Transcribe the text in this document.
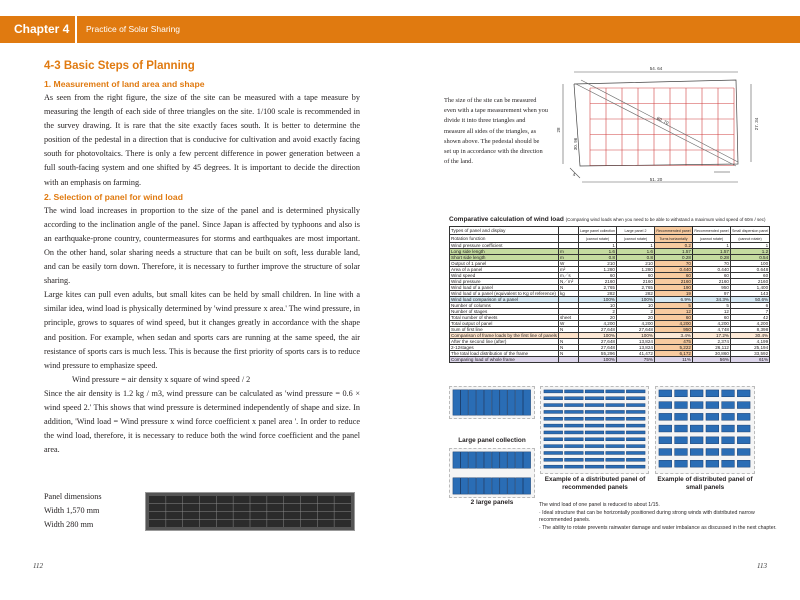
Chapter 4	Practice of Solar Sharing
4-3 Basic Steps of Planning
1. Measurement of land area and shape

As seen from the right figure, the size of the site can be measured with a tape measure by measuring the length of each side of three triangles on the site. 1/100 scale is recommended in the survey drawing. It is rare that the site exactly faces south. It is better to determine the position of the pedestal in a direction that is conducive for cultivation and avoid exactly facing south for photovoltaics. There is only a few percent difference in power generation between a full south-facing system and one shifted by 45 degrees. It is important to decide the direction with an emphasis on farming.

2. Selection of panel for wind load

The wind load increases in proportion to the size of the panel and is determined physically according to the inclination angle of the panel. Since Japan is affected by typhoons and also is an earthquake-prone country, countermeasures for storms and earthquakes are most important. On the other hand, solar sharing needs a structure that can be built on soft, less durable land, and can be easily torn down. Therefore, it is necessary to further improve the structure of solar sharing.

Large kites can pull even adults, but small kites can be held by small children. In line with a similar idea, wind load is physically determined by 'wind pressure x area.' The wind pressure, in principle, grows to squares of wind speed, but it changes greatly in accordance with the shape and position. For example, when sedan and sports cars are running at the same speed, the air resistance of sports cars is much less. This is because the first priority of sports cars is to reduce wind pressure to emphasize speed.

Wind pressure = air density x square of wind speed / 2

Since the air density is 1.2 kg / m3, wind pressure can be calculated as 'wind pressure = 0.6 × wind speed 2.' This shows that wind pressure is determined independently of shape and size. In addition, 'Wind load = Wind pressure x wind force coefficient x panel area '. In order to reduce the wind load, therefore, it is necessary to reduce both the wind force coefficient and the panel area.

Panel dimensions
Width 1,570 mm
Width 280 mm
112

The size of the site can be measured even with a tape measurement when you divide it into three triangles and measure all sides of the triangles, as shown above. The pedestal should be set up in accordance with the direction of the land.

54. 64
51. 20
27. 34
60. 70
28
30. 96
4
Comparative calculation of wind load (Comparing wind loads when you need to be able to withstand a maximum wind speed of 60m / sec)
Types of panel and display		Large panel collection	Large panel 2	Recommended panel	Recommended panel	Small dispersion panel
Rotation function		(cannot rotate)	(cannot rotate)	Turns horizontally	(cannot rotate)	(cannot rotate)
Wind pressure coefficient		1	1	0.2	1	1
Long side length	m	1.6	1.6	1.57	1.57	1.2
Short side length	m	0.8	0.8	0.28	0.28	0.54
Output of 1 panel	W	210	210	70	70	100
Area of a panel	m²	1.280	1.280	0.440	0.440	0.648
Wind speed	m／s	60	60	60	60	60
Wind pressure	N／m²	2160	2160	2160	2160	2160
Wind load of a panel	N	2,765	2,765	190	950	1,400
Wind load of a panel (equivalent to Kg of reference)	kg	282	282	19	97	143
Wind load comparison of a panel		100%	100%	6.9%	34.3%	50.6%
Number of columns		10	10	5	5	6
Number of stages		2	2	12	12	7
Total number of sheets	sheet	20	20	60	60	42
Total output of panel	W	4,200	4,200	4,200	4,200	4,200
Sum of first line	N	27,648	27,648	950	4,748	8,398
Comparison of frame loads by the first line of panels		100%	100%	3.4%	17.2%	30.4%
After the second line (after)	N	27,648	13,824	475	2,374	4,199
2-12stages	N	27,648	13,824	5,222	26,112	25,194
The total load distribution of the frame	N	55,296	41,472	6,172	30,860	33,592
Comparing load of whole frame		100%	75%	11%	56%	61%
Large panel collection
2 large panels
Example of a distributed panel of recommended panels
Example of distributed panel of small panels
The wind load of one panel is reduced to about 1/15.
· Ideal structure that can be horizontally positioned during strong winds with distributed narrow recommended panels.
· The ability to rotate prevents rainwater damage and water imbalance as discussed in the next chapter.
113
